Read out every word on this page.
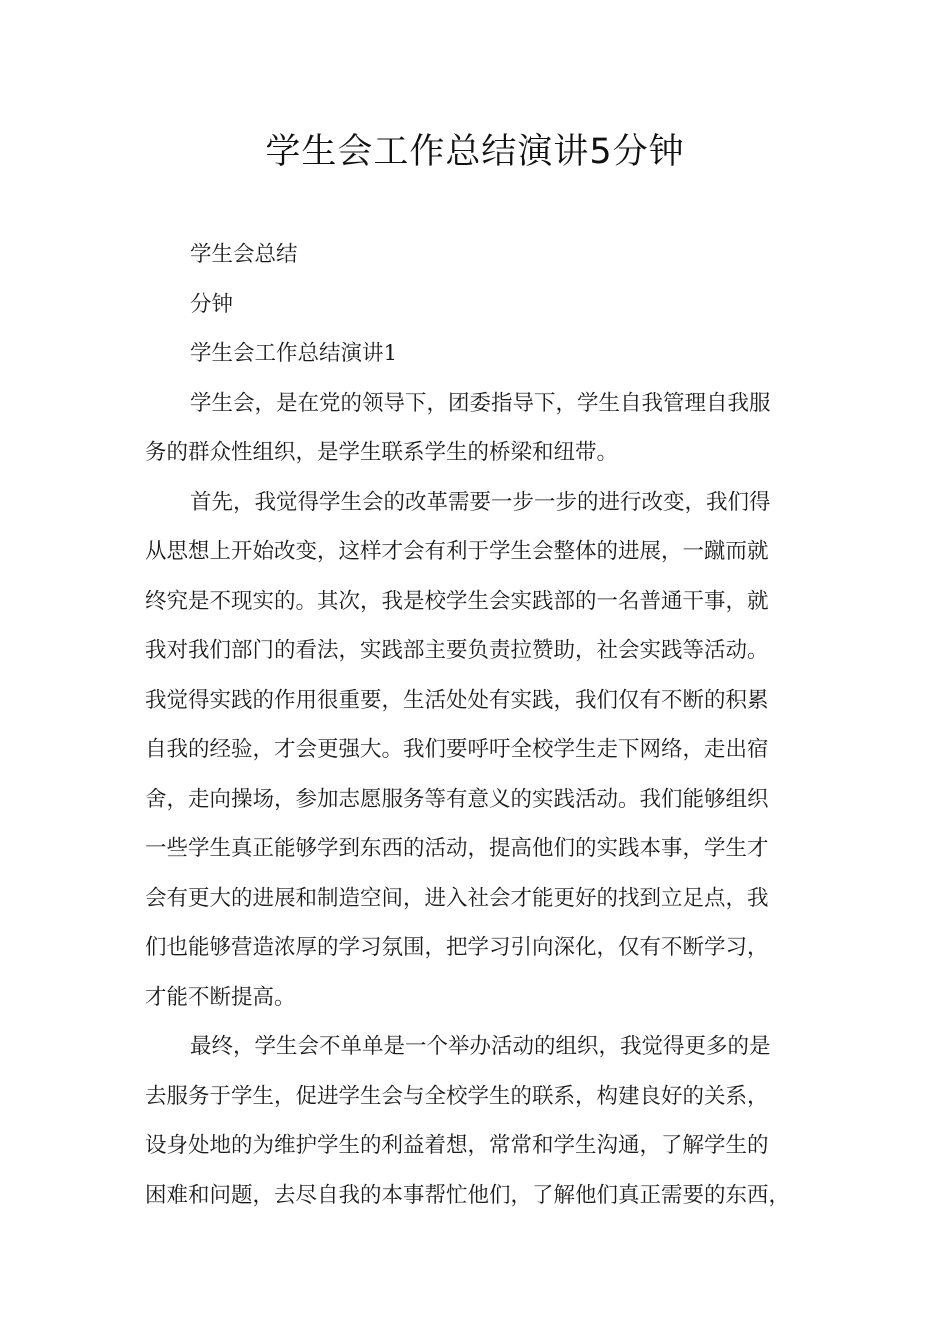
学生会工作总结演讲5分钟
学生会总结
分钟
学生会工作总结演讲1
学生会，是在党的领导下，团委指导下，学生自我管理自我服
务的群众性组织，是学生联系学生的桥梁和纽带。
首先，我觉得学生会的改革需要一步一步的进行改变，我们得
从思想上开始改变，这样才会有利于学生会整体的进展，一蹴而就
终究是不现实的。其次，我是校学生会实践部的一名普通干事，就
我对我们部门的看法，实践部主要负责拉赞助，社会实践等活动。
我觉得实践的作用很重要，生活处处有实践，我们仅有不断的积累
自我的经验，才会更强大。我们要呼吁全校学生走下网络，走出宿
舍，走向操场，参加志愿服务等有意义的实践活动。我们能够组织
一些学生真正能够学到东西的活动，提高他们的实践本事，学生才
会有更大的进展和制造空间，进入社会才能更好的找到立足点，我
们也能够营造浓厚的学习氛围，把学习引向深化，仅有不断学习，
才能不断提高。
最终，学生会不单单是一个举办活动的组织，我觉得更多的是
去服务于学生，促进学生会与全校学生的联系，构建良好的关系，
设身处地的为维护学生的利益着想，常常和学生沟通，了解学生的
困难和问题，去尽自我的本事帮忙他们，了解他们真正需要的东西，
